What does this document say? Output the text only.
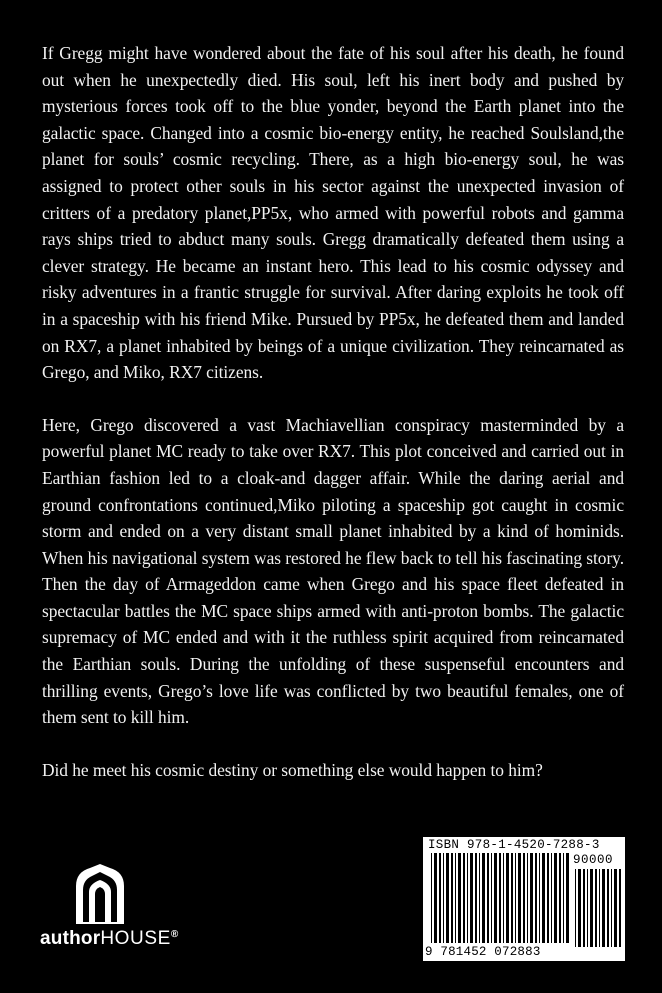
If Gregg might have wondered about the fate of his soul after his death, he found out when he unexpectedly died. His soul, left his inert body and pushed by mysterious forces took off to the blue yonder, beyond the Earth planet into the galactic space. Changed into a cosmic bio-energy entity, he reached Soulsland,the planet for souls’ cosmic recycling. There, as a high bio-energy soul, he was assigned to protect other souls in his sector against the unexpected invasion of critters of a predatory planet,PP5x, who armed with powerful robots and gamma rays ships tried to abduct many souls. Gregg dramatically defeated them using a clever strategy. He became an instant hero. This lead to his cosmic odyssey and risky adventures in a frantic struggle for survival. After daring exploits he took off in a spaceship with his friend Mike. Pursued by PP5x, he defeated them and landed on RX7, a planet inhabited by beings of a unique civilization. They reincarnated as Grego, and Miko, RX7 citizens.

Here, Grego discovered a vast Machiavellian conspiracy masterminded by a powerful planet MC ready to take over RX7. This plot conceived and carried out in Earthian fashion led to a cloak-and dagger affair. While the daring aerial and ground confrontations continued,Miko piloting a spaceship got caught in cosmic storm and ended on a very distant small planet inhabited by a kind of hominids. When his navigational system was restored he flew back to tell his fascinating story. Then the day of Armageddon came when Grego and his space fleet defeated in spectacular battles the MC space ships armed with anti-proton bombs. The galactic supremacy of MC ended and with it the ruthless spirit acquired from reincarnated the Earthian souls. During the unfolding of these suspenseful encounters and thrilling events, Grego’s love life was conflicted by two beautiful females, one of them sent to kill him.

Did he meet his cosmic destiny or something else would happen to him?

authorHOUSE®
ISBN 978-1-4520-7288-3
90000
9 781452 072883
